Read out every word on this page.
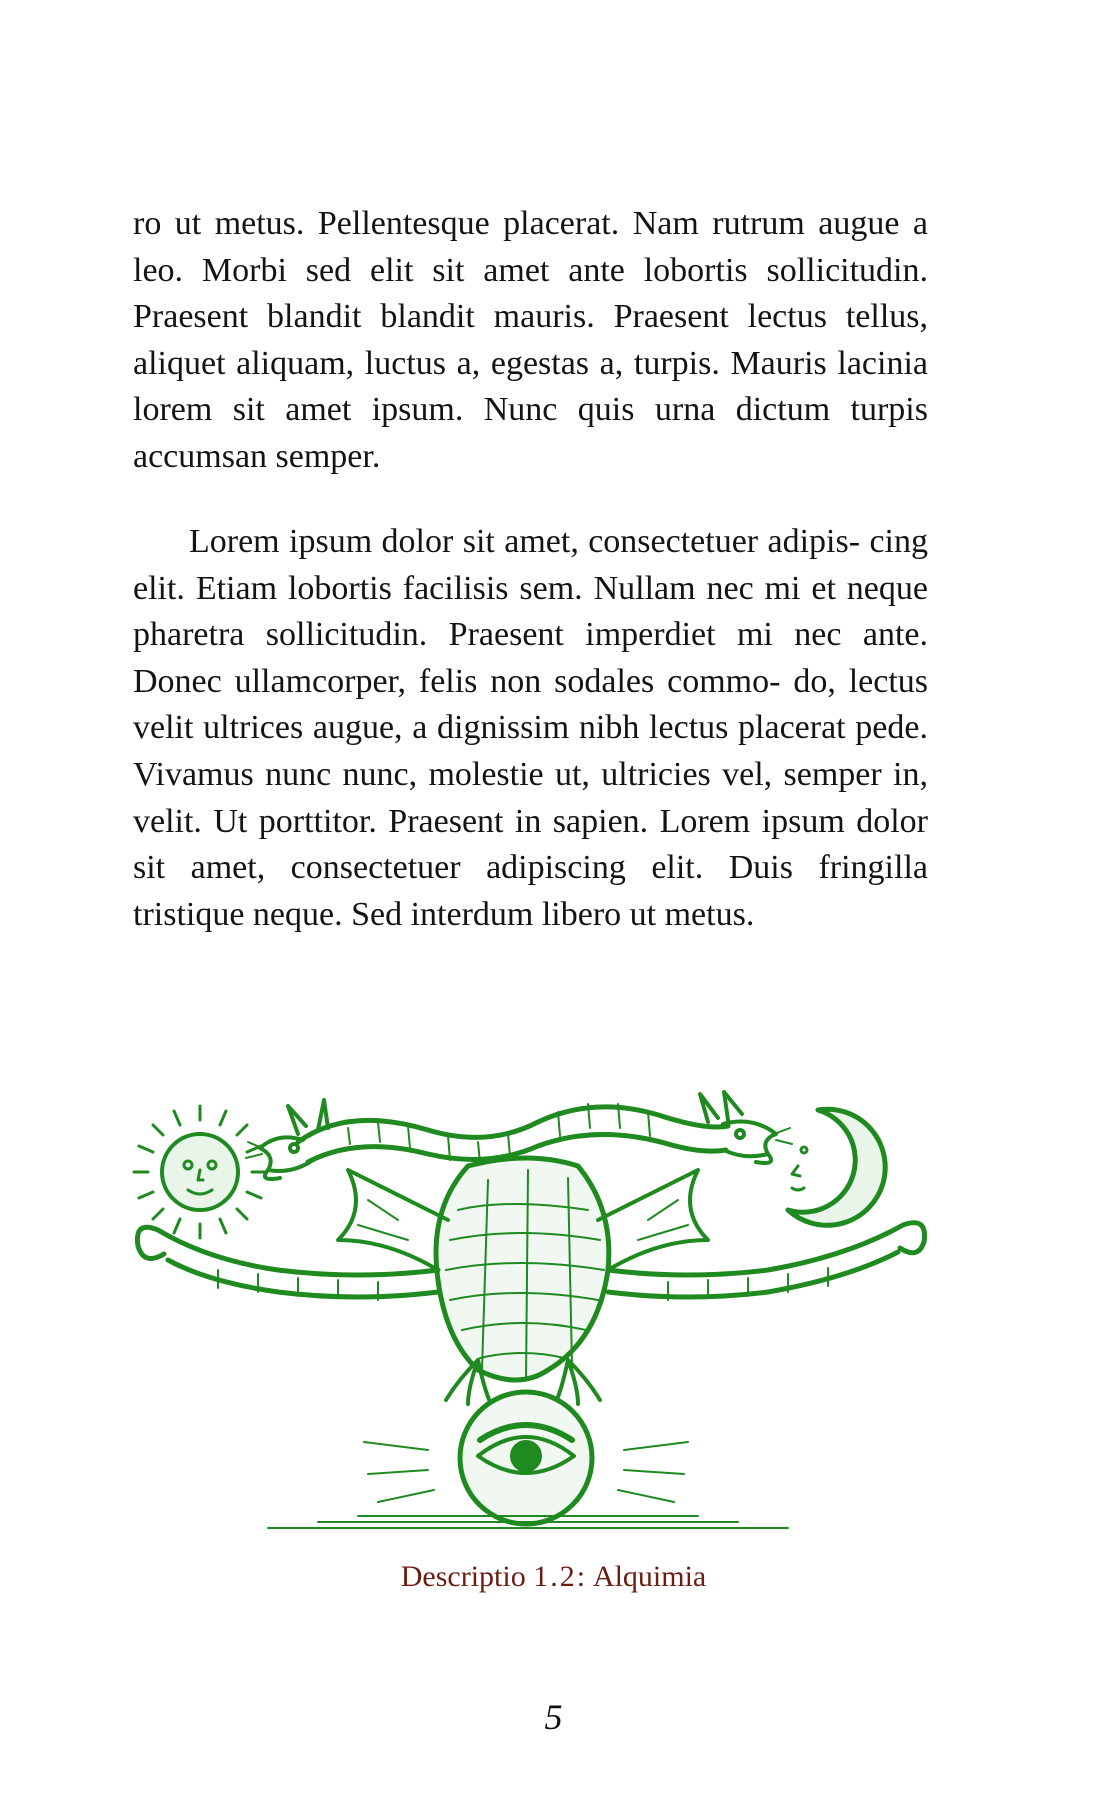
ro ut metus. Pellentesque placerat. Nam rutrum augue a leo. Morbi sed elit sit amet ante lobortis sollicitudin. Praesent blandit blandit mauris. Praesent lectus tellus, aliquet aliquam, luctus a, egestas a, turpis. Mauris lacinia lorem sit amet ipsum. Nunc quis urna dictum turpis accumsan semper.
Lorem ipsum dolor sit amet, consectetuer adipis- cing elit. Etiam lobortis facilisis sem. Nullam nec mi et neque pharetra sollicitudin. Praesent imperdiet mi nec ante. Donec ullamcorper, felis non sodales commo- do, lectus velit ultrices augue, a dignissim nibh lectus placerat pede. Vivamus nunc nunc, molestie ut, ultricies vel, semper in, velit. Ut porttitor. Praesent in sapien. Lorem ipsum dolor sit amet, consectetuer adipiscing elit. Duis fringilla tristique neque. Sed interdum libero ut metus.
Descriptio 1.2: Alquimia
5
